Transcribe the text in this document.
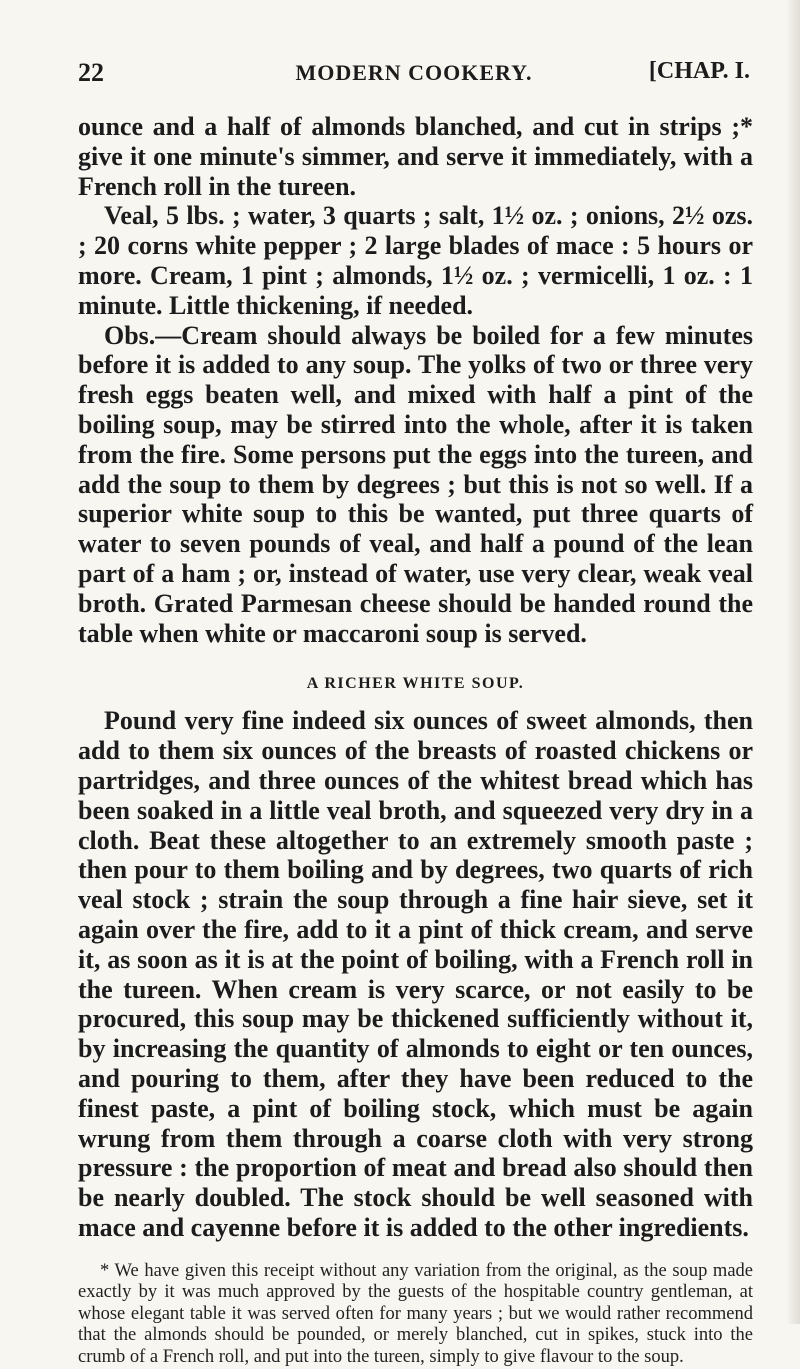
22	MODERN COOKERY.	[CHAP. I.

ounce and a half of almonds blanched, and cut in strips ;* give it one minute's simmer, and serve it immediately, with a French roll in the tureen.

Veal, 5 lbs. ; water, 3 quarts ; salt, 1½ oz. ; onions, 2½ ozs. ; 20 corns white pepper ; 2 large blades of mace : 5 hours or more. Cream, 1 pint ; almonds, 1½ oz. ; vermicelli, 1 oz. : 1 minute. Little thickening, if needed.

Obs.—Cream should always be boiled for a few minutes before it is added to any soup. The yolks of two or three very fresh eggs beaten well, and mixed with half a pint of the boiling soup, may be stirred into the whole, after it is taken from the fire. Some persons put the eggs into the tureen, and add the soup to them by degrees ; but this is not so well. If a superior white soup to this be wanted, put three quarts of water to seven pounds of veal, and half a pound of the lean part of a ham ; or, instead of water, use very clear, weak veal broth. Grated Parmesan cheese should be handed round the table when white or maccaroni soup is served.

A RICHER WHITE SOUP.

Pound very fine indeed six ounces of sweet almonds, then add to them six ounces of the breasts of roasted chickens or partridges, and three ounces of the whitest bread which has been soaked in a little veal broth, and squeezed very dry in a cloth. Beat these altogether to an extremely smooth paste ; then pour to them boiling and by degrees, two quarts of rich veal stock ; strain the soup through a fine hair sieve, set it again over the fire, add to it a pint of thick cream, and serve it, as soon as it is at the point of boiling, with a French roll in the tureen. When cream is very scarce, or not easily to be procured, this soup may be thickened sufficiently without it, by increasing the quantity of almonds to eight or ten ounces, and pouring to them, after they have been reduced to the finest paste, a pint of boiling stock, which must be again wrung from them through a coarse cloth with very strong pressure : the proportion of meat and bread also should then be nearly doubled. The stock should be well seasoned with mace and cayenne before it is added to the other ingredients.

* We have given this receipt without any variation from the original, as the soup made exactly by it was much approved by the guests of the hospitable country gentleman, at whose elegant table it was served often for many years ; but we would rather recommend that the almonds should be pounded, or merely blanched, cut in spikes, stuck into the crumb of a French roll, and put into the tureen, simply to give flavour to the soup.
